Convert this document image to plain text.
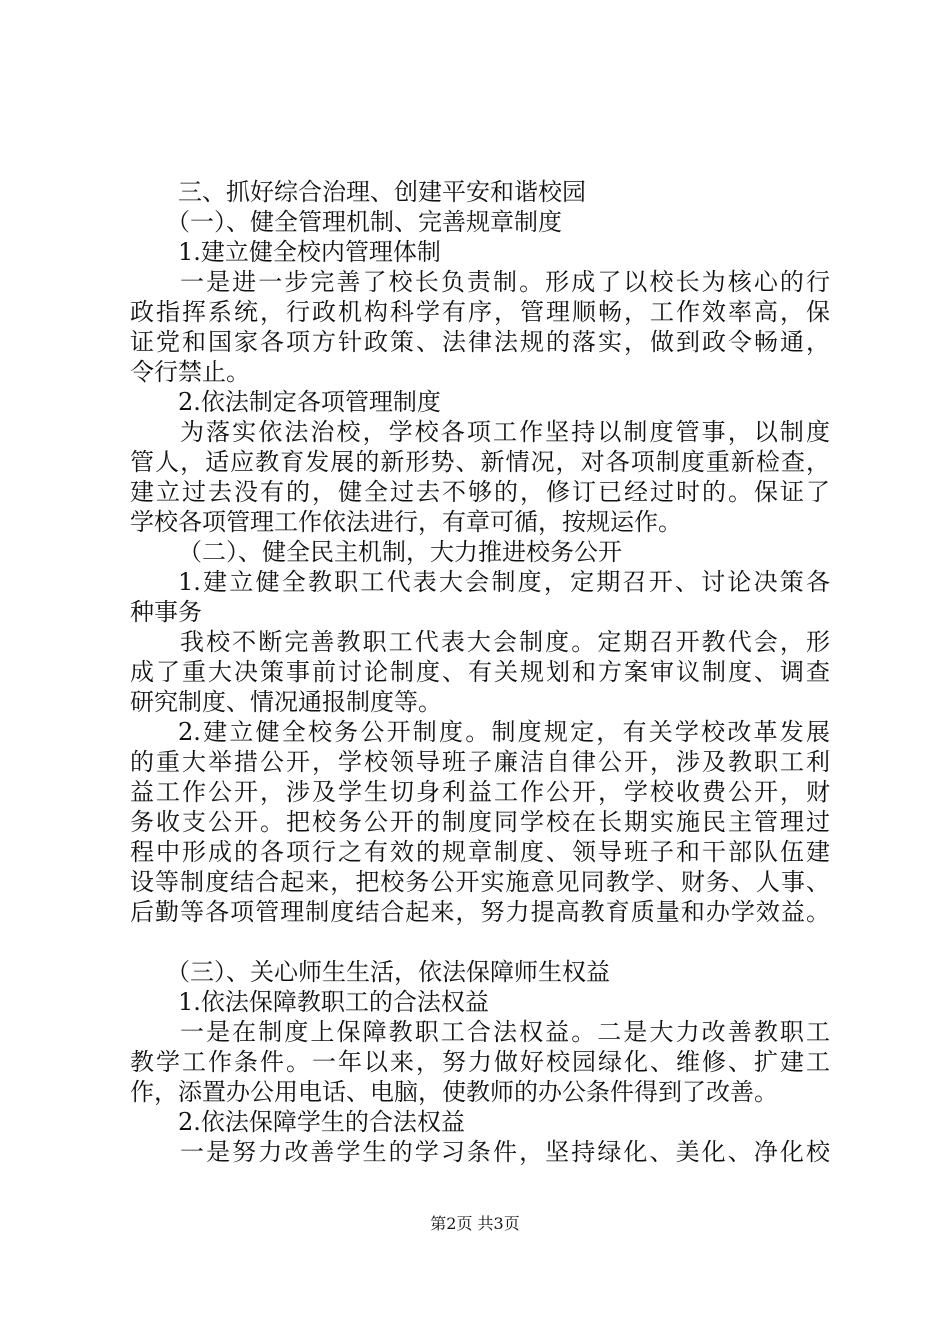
三、抓好综合治理、创建平安和谐校园
（一）、健全管理机制、完善规章制度
1.建立健全校内管理体制
一是进一步完善了校长负责制。形成了以校长为核心的行
政指挥系统，行政机构科学有序，管理顺畅，工作效率高，保
证党和国家各项方针政策、法律法规的落实，做到政令畅通，
令行禁止。
2.依法制定各项管理制度
为落实依法治校，学校各项工作坚持以制度管事，以制度
管人，适应教育发展的新形势、新情况，对各项制度重新检查，
建立过去没有的，健全过去不够的，修订已经过时的。保证了
学校各项管理工作依法进行，有章可循，按规运作。
（二）、健全民主机制，大力推进校务公开
1.建立健全教职工代表大会制度，定期召开、讨论决策各
种事务
我校不断完善教职工代表大会制度。定期召开教代会，形
成了重大决策事前讨论制度、有关规划和方案审议制度、调查
研究制度、情况通报制度等。
2.建立健全校务公开制度。制度规定，有关学校改革发展
的重大举措公开，学校领导班子廉洁自律公开，涉及教职工利
益工作公开，涉及学生切身利益工作公开，学校收费公开，财
务收支公开。把校务公开的制度同学校在长期实施民主管理过
程中形成的各项行之有效的规章制度、领导班子和干部队伍建
设等制度结合起来，把校务公开实施意见同教学、财务、人事、
后勤等各项管理制度结合起来，努力提高教育质量和办学效益。
（三）、关心师生生活，依法保障师生权益
1.依法保障教职工的合法权益
一是在制度上保障教职工合法权益。二是大力改善教职工
教学工作条件。一年以来，努力做好校园绿化、维修、扩建工
作，添置办公用电话、电脑，使教师的办公条件得到了改善。
2.依法保障学生的合法权益
一是努力改善学生的学习条件，坚持绿化、美化、净化校
第2页 共3页
